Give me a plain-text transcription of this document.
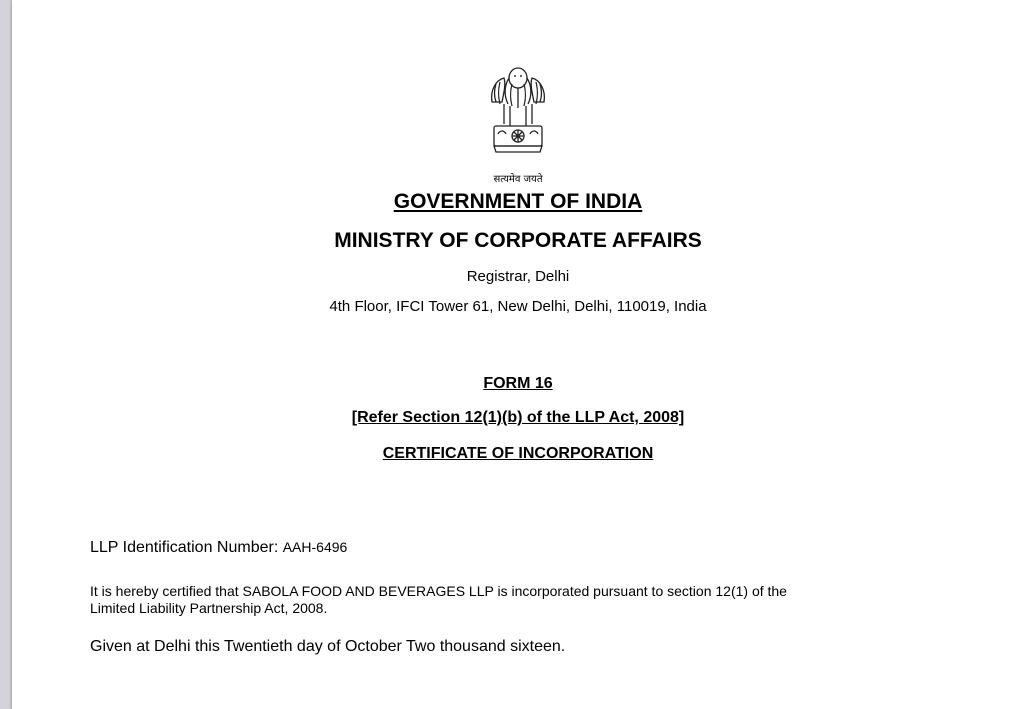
सत्यमेव जयते
GOVERNMENT OF INDIA
MINISTRY OF CORPORATE AFFAIRS
Registrar, Delhi
4th Floor, IFCI Tower 61, New Delhi, Delhi, 110019, India
FORM 16
[Refer Section 12(1)(b) of the LLP Act, 2008]
CERTIFICATE OF INCORPORATION
LLP Identification Number: AAH-6496
It is hereby certified that SABOLA FOOD AND BEVERAGES LLP is incorporated pursuant to section 12(1) of the
Limited Liability Partnership Act, 2008.
Given at Delhi this Twentieth day of October Two thousand sixteen.
